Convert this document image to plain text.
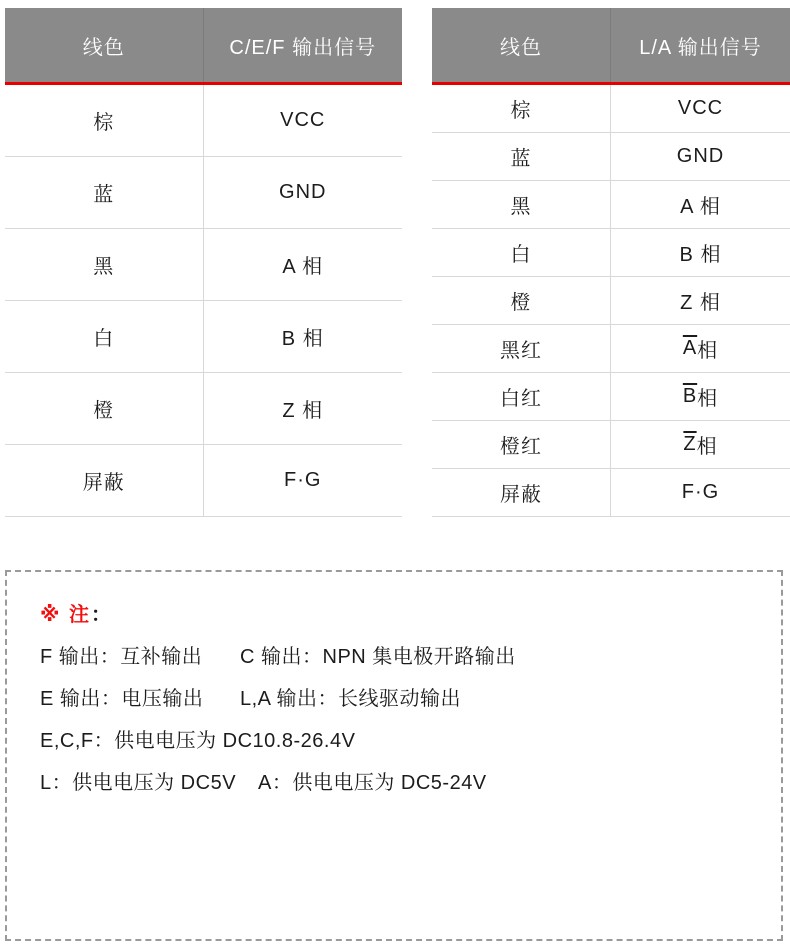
线色	C/E/F 输出信号
棕	VCC
蓝	GND
黑	A 相
白	B 相
橙	Z 相
屏蔽	F·G
线色	L/A 输出信号
棕	VCC
蓝	GND
黑	A 相
白	B 相
橙	Z 相
黑红	$\overline{A}$ 相
白红	$\overline{B}$ 相
橙红	$\overline{Z}$ 相
屏蔽	F·G
※ 注：
F 输出：互补输出	C 输出：NPN 集电极开路输出
E 输出：电压输出	L,A 输出：长线驱动输出
E,C,F：供电电压为 DC10.8-26.4V
L：供电电压为 DC5V	A：供电电压为 DC5-24V
